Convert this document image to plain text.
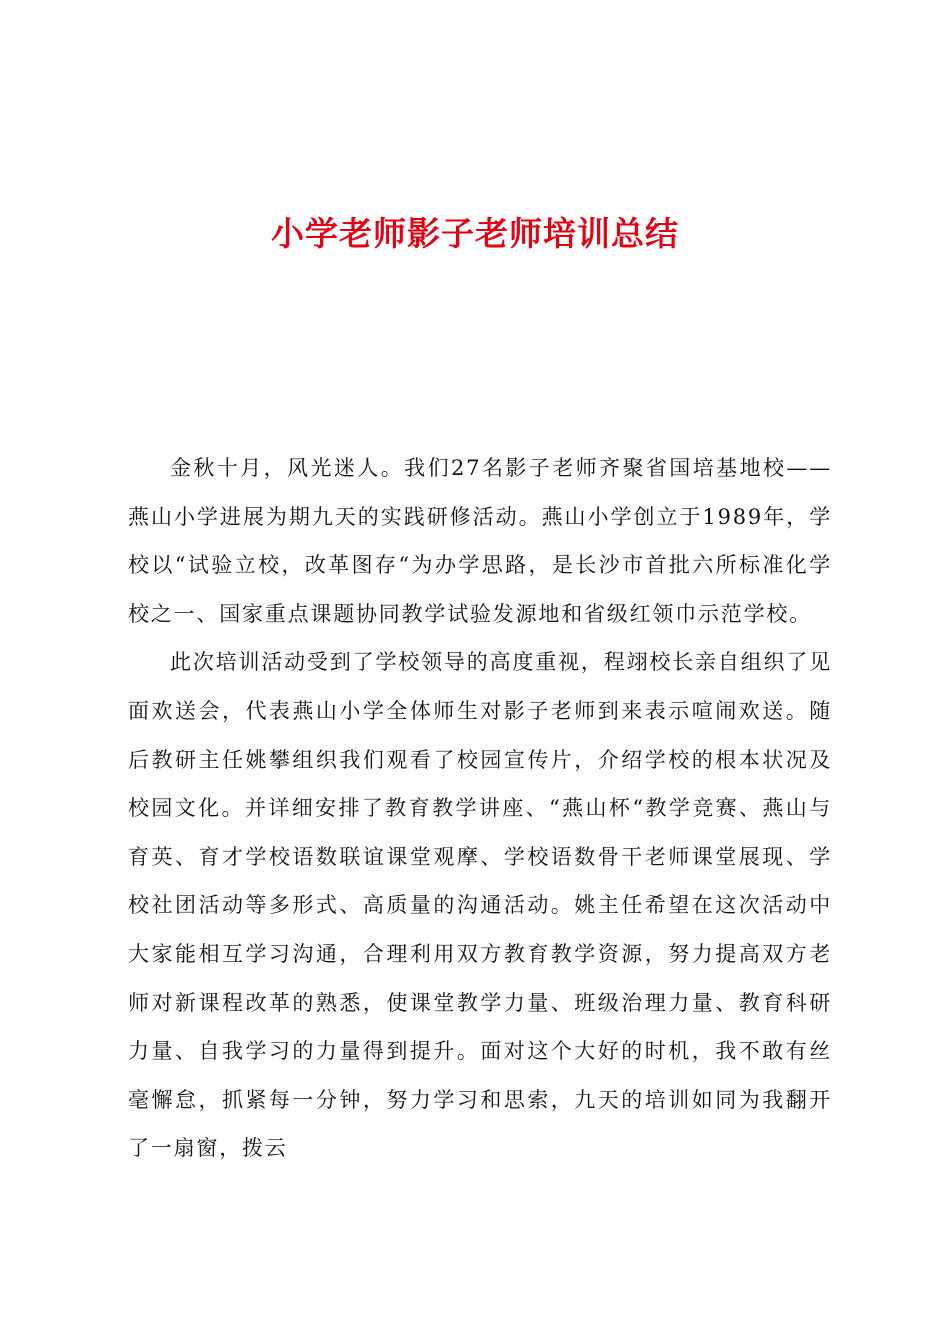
小学老师影子老师培训总结

金秋十月，风光迷人。我们27名影子老师齐聚省国培基地校——燕山小学进展为期九天的实践研修活动。燕山小学创立于1989年，学校以“试验立校，改革图存“为办学思路，是长沙市首批六所标准化学校之一、国家重点课题协同教学试验发源地和省级红领巾示范学校。

此次培训活动受到了学校领导的高度重视，程翊校长亲自组织了见面欢送会，代表燕山小学全体师生对影子老师到来表示喧闹欢送。随后教研主任姚攀组织我们观看了校园宣传片，介绍学校的根本状况及校园文化。并详细安排了教育教学讲座、“燕山杯“教学竞赛、燕山与育英、育才学校语数联谊课堂观摩、学校语数骨干老师课堂展现、学校社团活动等多形式、高质量的沟通活动。姚主任希望在这次活动中大家能相互学习沟通，合理利用双方教育教学资源，努力提高双方老师对新课程改革的熟悉，使课堂教学力量、班级治理力量、教育科研力量、自我学习的力量得到提升。面对这个大好的时机，我不敢有丝毫懈怠，抓紧每一分钟，努力学习和思索，九天的培训如同为我翻开了一扇窗，拨云
